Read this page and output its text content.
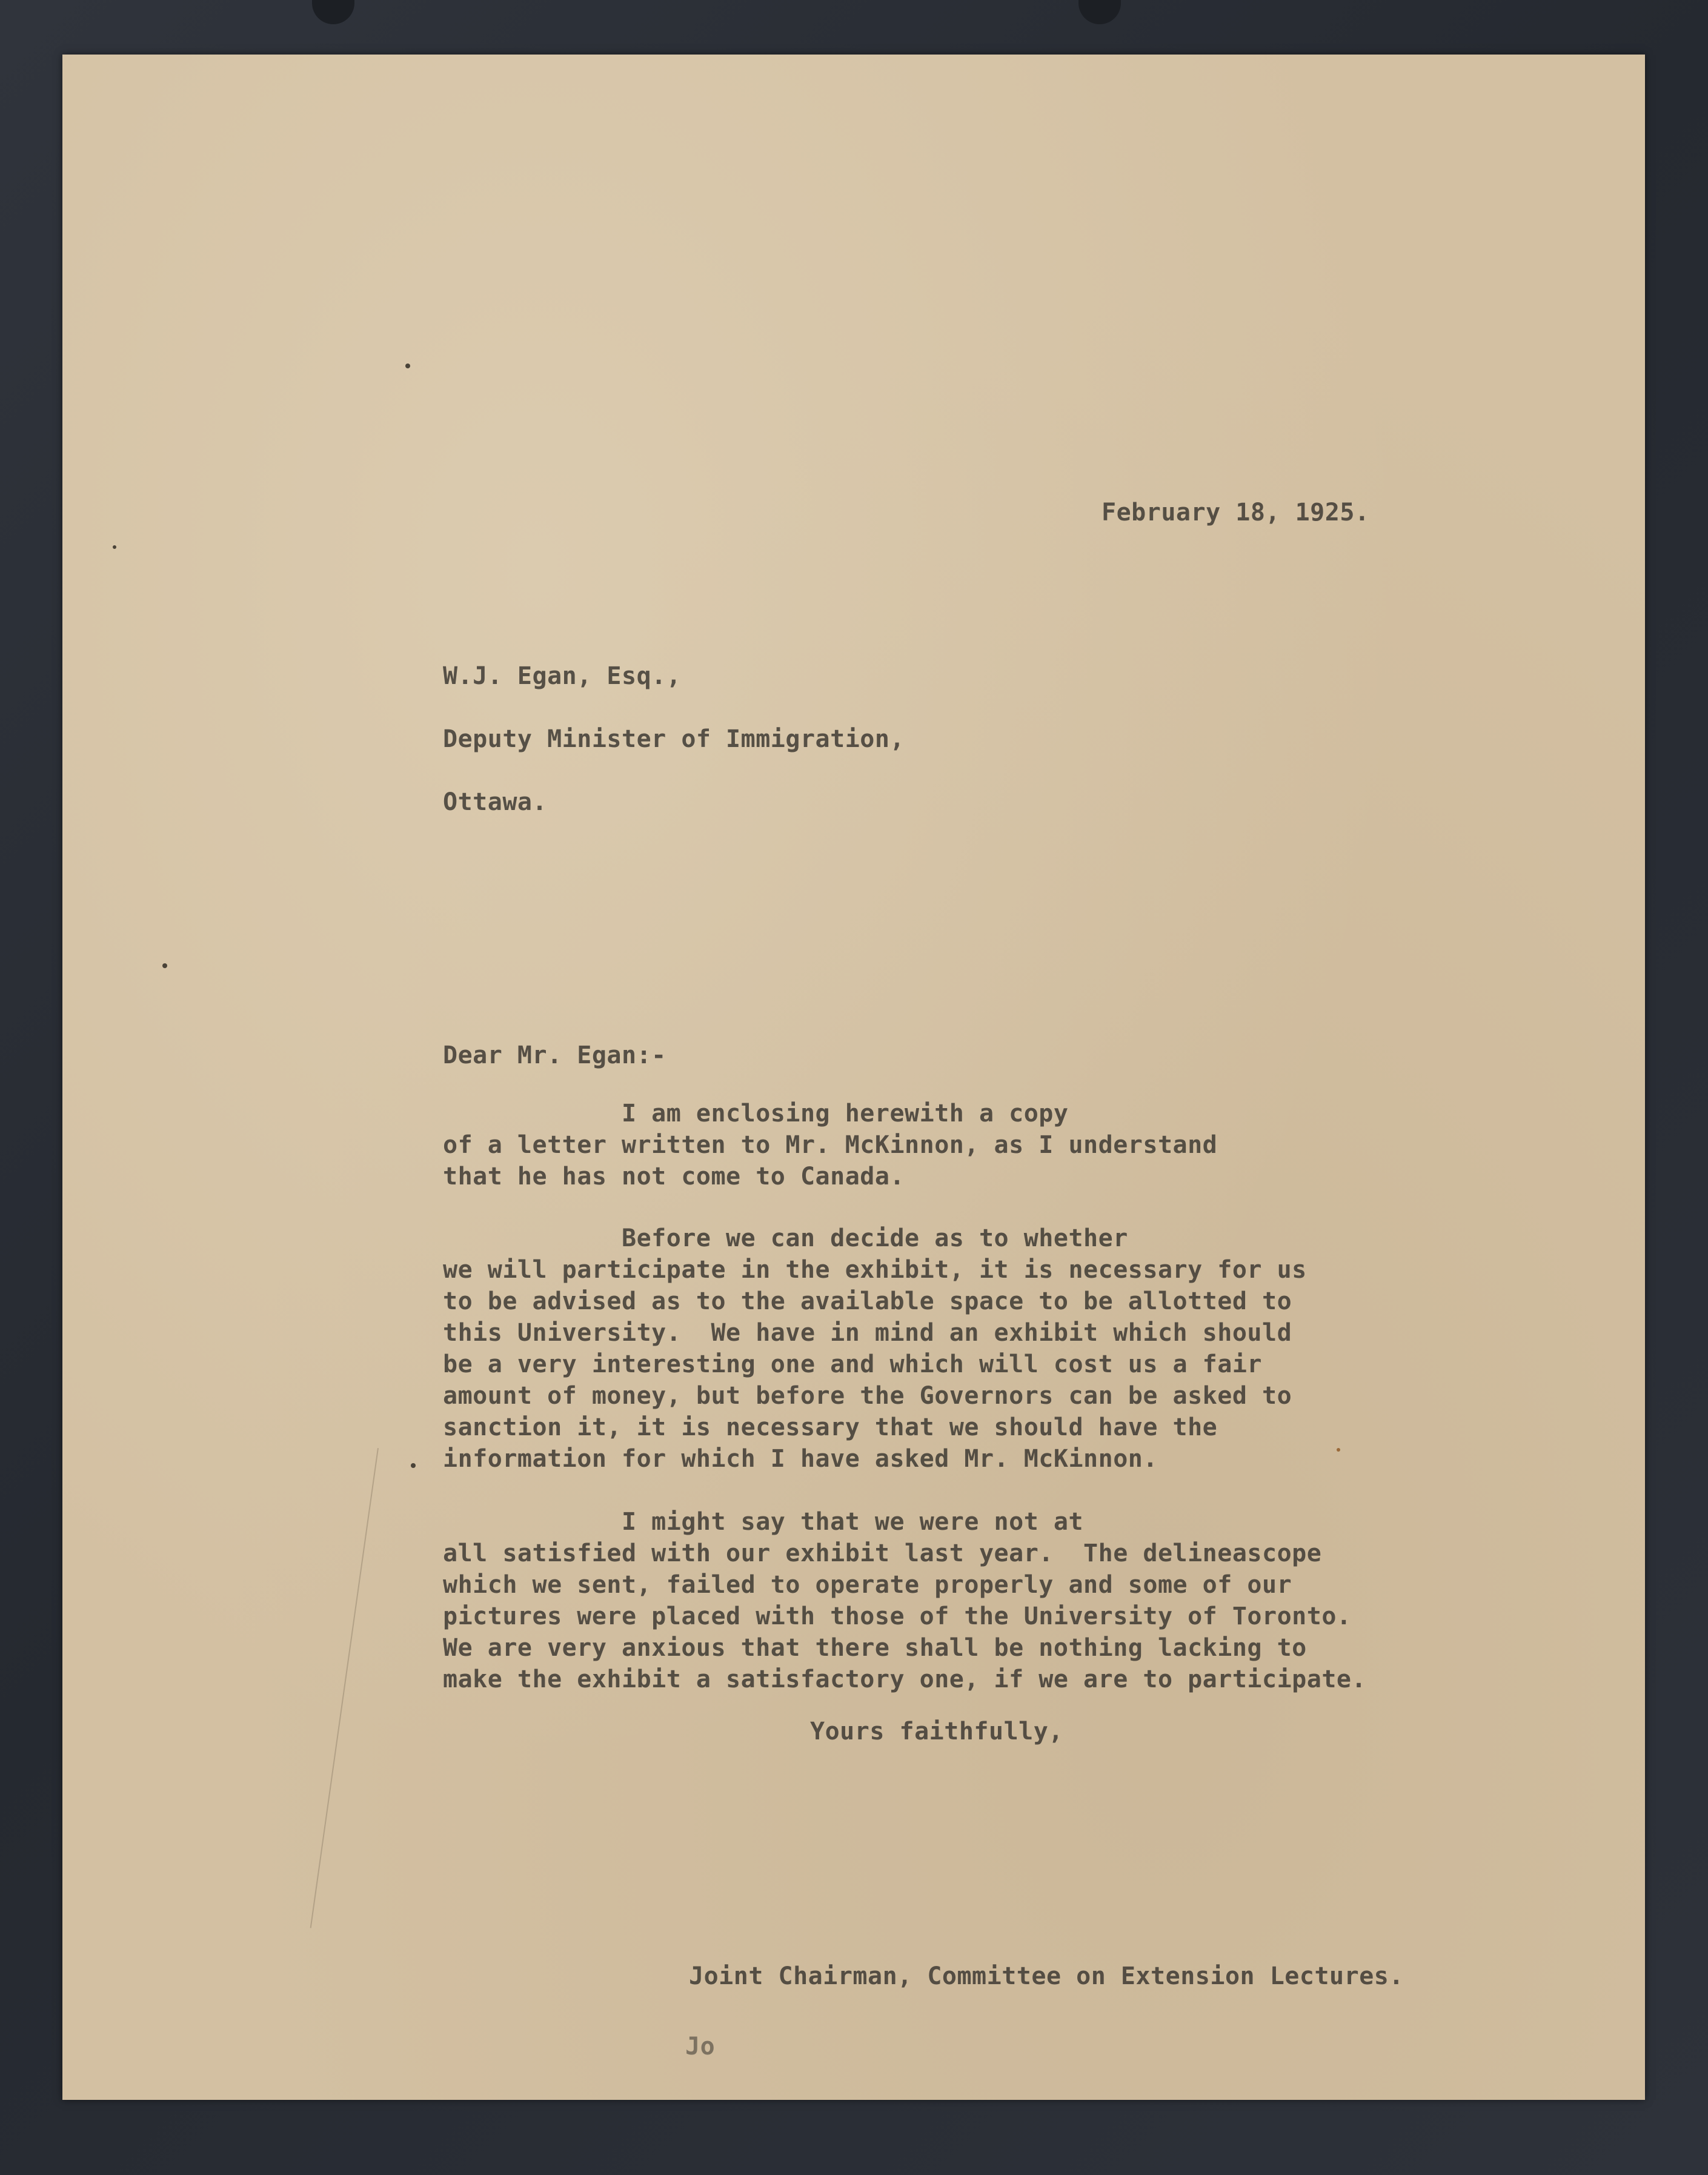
February 18, 1925.
W.J. Egan, Esq.,
Deputy Minister of Immigration,
Ottawa.
Dear Mr. Egan:-
I am enclosing herewith a copy
of a letter written to Mr. McKinnon, as I understand
that he has not come to Canada.
Before we can decide as to whether
we will participate in the exhibit, it is necessary for us
to be advised as to the available space to be allotted to
this University.  We have in mind an exhibit which should
be a very interesting one and which will cost us a fair
amount of money, but before the Governors can be asked to
sanction it, it is necessary that we should have the
information for which I have asked Mr. McKinnon.
I might say that we were not at
all satisfied with our exhibit last year.  The delineascope
which we sent, failed to operate properly and some of our
pictures were placed with those of the University of Toronto.
We are very anxious that there shall be nothing lacking to
make the exhibit a satisfactory one, if we are to participate.
Yours faithfully,
Joint Chairman, Committee on Extension Lectures.
Jo
